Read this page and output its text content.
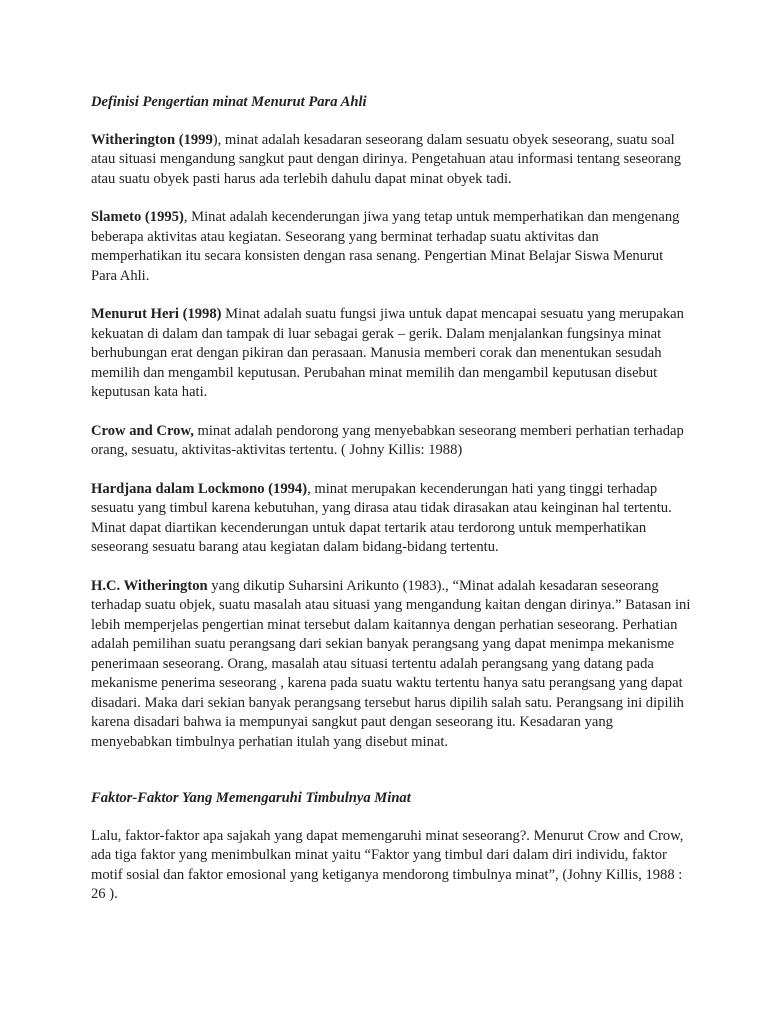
Definisi Pengertian minat Menurut Para Ahli

Witherington (1999), minat adalah kesadaran seseorang dalam sesuatu obyek seseorang, suatu soal atau situasi mengandung sangkut paut dengan dirinya. Pengetahuan atau informasi tentang seseorang atau suatu obyek pasti harus ada terlebih dahulu dapat minat obyek tadi.

Slameto (1995), Minat adalah kecenderungan jiwa yang tetap untuk memperhatikan dan mengenang beberapa aktivitas atau kegiatan. Seseorang yang berminat terhadap suatu aktivitas dan memperhatikan itu secara konsisten dengan rasa senang. Pengertian Minat Belajar Siswa Menurut Para Ahli.

Menurut Heri (1998) Minat adalah suatu fungsi jiwa untuk dapat mencapai sesuatu yang merupakan kekuatan di dalam dan tampak di luar sebagai gerak – gerik. Dalam menjalankan fungsinya minat berhubungan erat dengan pikiran dan perasaan. Manusia memberi corak dan menentukan sesudah memilih dan mengambil keputusan. Perubahan minat memilih dan mengambil keputusan disebut keputusan kata hati.

Crow and Crow, minat adalah pendorong yang menyebabkan seseorang memberi perhatian terhadap orang, sesuatu, aktivitas-aktivitas tertentu. ( Johny Killis: 1988)

Hardjana dalam Lockmono (1994), minat merupakan kecenderungan hati yang tinggi terhadap sesuatu yang timbul karena kebutuhan, yang dirasa atau tidak dirasakan atau keinginan hal tertentu. Minat dapat diartikan kecenderungan untuk dapat tertarik atau terdorong untuk memperhatikan seseorang sesuatu barang atau kegiatan dalam bidang-bidang tertentu.

H.C. Witherington yang dikutip Suharsini Arikunto (1983)., “Minat adalah kesadaran seseorang terhadap suatu objek, suatu masalah atau situasi yang mengandung kaitan dengan dirinya.” Batasan ini lebih memperjelas pengertian minat tersebut dalam kaitannya dengan perhatian seseorang. Perhatian adalah pemilihan suatu perangsang dari sekian banyak perangsang yang dapat menimpa mekanisme penerimaan seseorang. Orang, masalah atau situasi tertentu adalah perangsang yang datang pada mekanisme penerima seseorang , karena pada suatu waktu tertentu hanya satu perangsang yang dapat disadari. Maka dari sekian banyak perangsang tersebut harus dipilih salah satu. Perangsang ini dipilih karena disadari bahwa ia mempunyai sangkut paut dengan seseorang itu. Kesadaran yang menyebabkan timbulnya perhatian itulah yang disebut minat.

Faktor-Faktor Yang Memengaruhi Timbulnya Minat

Lalu, faktor-faktor apa sajakah yang dapat memengaruhi minat seseorang?. Menurut Crow and Crow, ada tiga faktor yang menimbulkan minat yaitu “Faktor yang timbul dari dalam diri individu, faktor motif sosial dan faktor emosional yang ketiganya mendorong timbulnya minat”, (Johny Killis, 1988 : 26 ).
